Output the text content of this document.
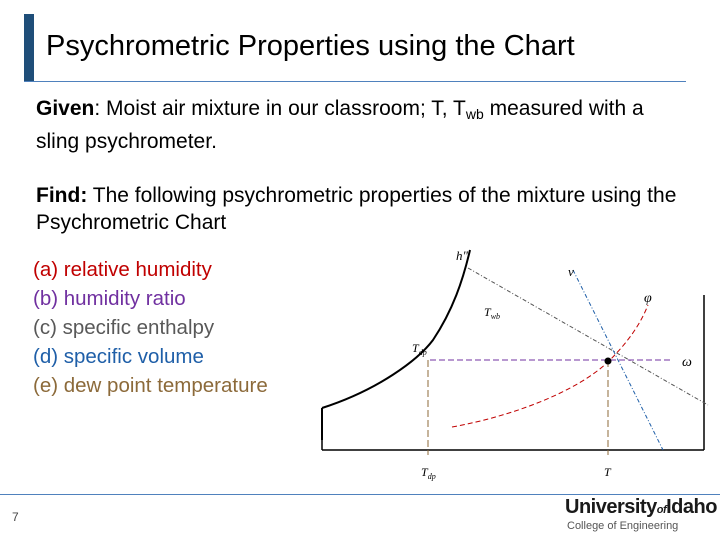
Psychrometric Properties using the Chart
Given: Moist air mixture in our classroom; T, $T_{wb}$ measured with a sling psychrometer.
Find: The following psychrometric properties of the mixture using the Psychrometric Chart
(a) relative humidity
(b) humidity ratio
(c) specific enthalpy
(d) specific volume
(e) dew point temperature
h"
v
φ
$T_{wb}$
$T_{dp}$
ω
$T_{dp}$	T
7	UniversityofIdaho
College of Engineering
